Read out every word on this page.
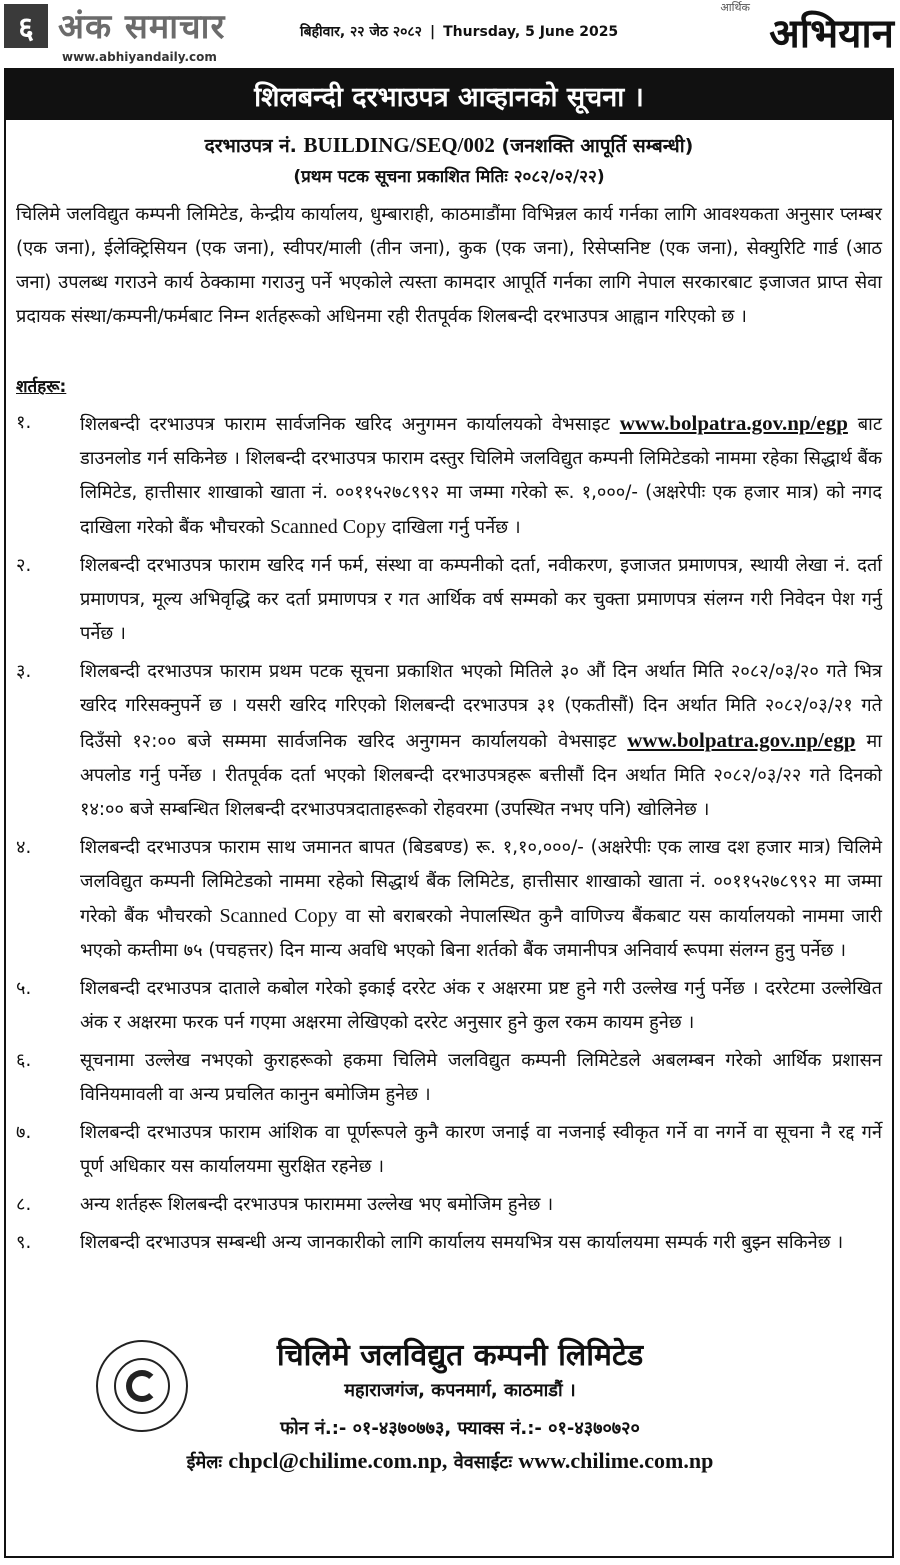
६ अंक समाचार
www.abhiyandaily.com
बिहीवार, २२ जेठ २०८२ | Thursday, 5 June 2025
आर्थिक
अभियान
शिलबन्दी दरभाउपत्र आव्हानको सूचना ।
दरभाउपत्र नं. BUILDING/SEQ/002 (जनशक्ति आपूर्ति सम्बन्धी)
(प्रथम पटक सूचना प्रकाशित मितिः २०८२/०२/२२)
चिलिमे जलविद्युत कम्पनी लिमिटेड, केन्द्रीय कार्यालय, धुम्बाराही, काठमाडौंमा विभिन्नल कार्य गर्नका लागि आवश्यकता अनुसार प्लम्बर (एक जना), ईलेक्ट्रिसियन (एक जना), स्वीपर/माली (तीन जना), कुक (एक जना), रिसेप्सनिष्ट (एक जना), सेक्युरिटि गार्ड (आठ जना) उपलब्ध गराउने कार्य ठेक्कामा गराउनु पर्ने भएकोले त्यस्ता कामदार आपूर्ति गर्नका लागि नेपाल सरकारबाट इजाजत प्राप्त सेवा प्रदायक संस्था/कम्पनी/फर्मबाट निम्न शर्तहरूको अधिनमा रही रीतपूर्वक शिलबन्दी दरभाउपत्र आह्वान गरिएको छ ।
शर्तहरू:
१.	शिलबन्दी दरभाउपत्र फाराम सार्वजनिक खरिद अनुगमन कार्यालयको वेभसाइट www.bolpatra.gov.np/egp बाट डाउनलोड गर्न सकिनेछ । शिलबन्दी दरभाउपत्र फाराम दस्तुर चिलिमे जलविद्युत कम्पनी लिमिटेडको नाममा रहेका सिद्धार्थ बैंक लिमिटेड, हात्तीसार शाखाको खाता नं. ००११५२७८९९२ मा जम्मा गरेको रू. १,०००/- (अक्षरेपीः एक हजार मात्र) को नगद दाखिला गरेको बैंक भौचरको Scanned Copy दाखिला गर्नु पर्नेछ ।
२.	शिलबन्दी दरभाउपत्र फाराम खरिद गर्न फर्म, संस्था वा कम्पनीको दर्ता, नवीकरण, इजाजत प्रमाणपत्र, स्थायी लेखा नं. दर्ता प्रमाणपत्र, मूल्य अभिवृद्धि कर दर्ता प्रमाणपत्र र गत आर्थिक वर्ष सम्मको कर चुक्ता प्रमाणपत्र संलग्न गरी निवेदन पेश गर्नु पर्नेछ ।
३.	शिलबन्दी दरभाउपत्र फाराम प्रथम पटक सूचना प्रकाशित भएको मितिले ३० औं दिन अर्थात मिति २०८२/०३/२० गते भित्र खरिद गरिसक्नुपर्ने छ । यसरी खरिद गरिएको शिलबन्दी दरभाउपत्र ३१ (एकतीसौं) दिन अर्थात मिति २०८२/०३/२१ गते दिउँसो १२:०० बजे सम्ममा सार्वजनिक खरिद अनुगमन कार्यालयको वेभसाइट www.bolpatra.gov.np/egp मा अपलोड गर्नु पर्नेछ । रीतपूर्वक दर्ता भएको शिलबन्दी दरभाउपत्रहरू बत्तीसौं दिन अर्थात मिति २०८२/०३/२२ गते दिनको १४:०० बजे सम्बन्धित शिलबन्दी दरभाउपत्रदाताहरूको रोहवरमा (उपस्थित नभए पनि) खोलिनेछ ।
४.	शिलबन्दी दरभाउपत्र फाराम साथ जमानत बापत (बिडबण्ड) रू. १,१०,०००/- (अक्षरेपीः एक लाख दश हजार मात्र) चिलिमे जलविद्युत कम्पनी लिमिटेडको नाममा रहेको सिद्धार्थ बैंक लिमिटेड, हात्तीसार शाखाको खाता नं. ००११५२७८९९२ मा जम्मा गरेको बैंक भौचरको Scanned Copy वा सो बराबरको नेपालस्थित कुनै वाणिज्य बैंकबाट यस कार्यालयको नाममा जारी भएको कम्तीमा ७५ (पचहत्तर) दिन मान्य अवधि भएको बिना शर्तको बैंक जमानीपत्र अनिवार्य रूपमा संलग्न हुनु पर्नेछ ।
५.	शिलबन्दी दरभाउपत्र दाताले कबोल गरेको इकाई दररेट अंक र अक्षरमा प्रष्ट हुने गरी उल्लेख गर्नु पर्नेछ । दररेटमा उल्लेखित अंक र अक्षरमा फरक पर्न गएमा अक्षरमा लेखिएको दररेट अनुसार हुने कुल रकम कायम हुनेछ ।
६.	सूचनामा उल्लेख नभएको कुराहरूको हकमा चिलिमे जलविद्युत कम्पनी लिमिटेडले अबलम्बन गरेको आर्थिक प्रशासन विनियमावली वा अन्य प्रचलित कानुन बमोजिम हुनेछ ।
७.	शिलबन्दी दरभाउपत्र फाराम आंशिक वा पूर्णरूपले कुनै कारण जनाई वा नजनाई स्वीकृत गर्ने वा नगर्ने वा सूचना नै रद्द गर्ने पूर्ण अधिकार यस कार्यालयमा सुरक्षित रहनेछ ।
८.	अन्य शर्तहरू शिलबन्दी दरभाउपत्र फाराममा उल्लेख भए बमोजिम हुनेछ ।
९.	शिलबन्दी दरभाउपत्र सम्बन्धी अन्य जानकारीको लागि कार्यालय समयभित्र यस कार्यालयमा सम्पर्क गरी बुझ्न सकिनेछ ।
चिलिमे जलविद्युत कम्पनी लिमिटेड
महाराजगंज, कपनमार्ग, काठमाडौं ।
फोन नं.:- ०१-४३७०७७३, फ्याक्स नं.:- ०१-४३७०७२०
ईमेलः chpcl@chilime.com.np, वेवसाईटः www.chilime.com.np
